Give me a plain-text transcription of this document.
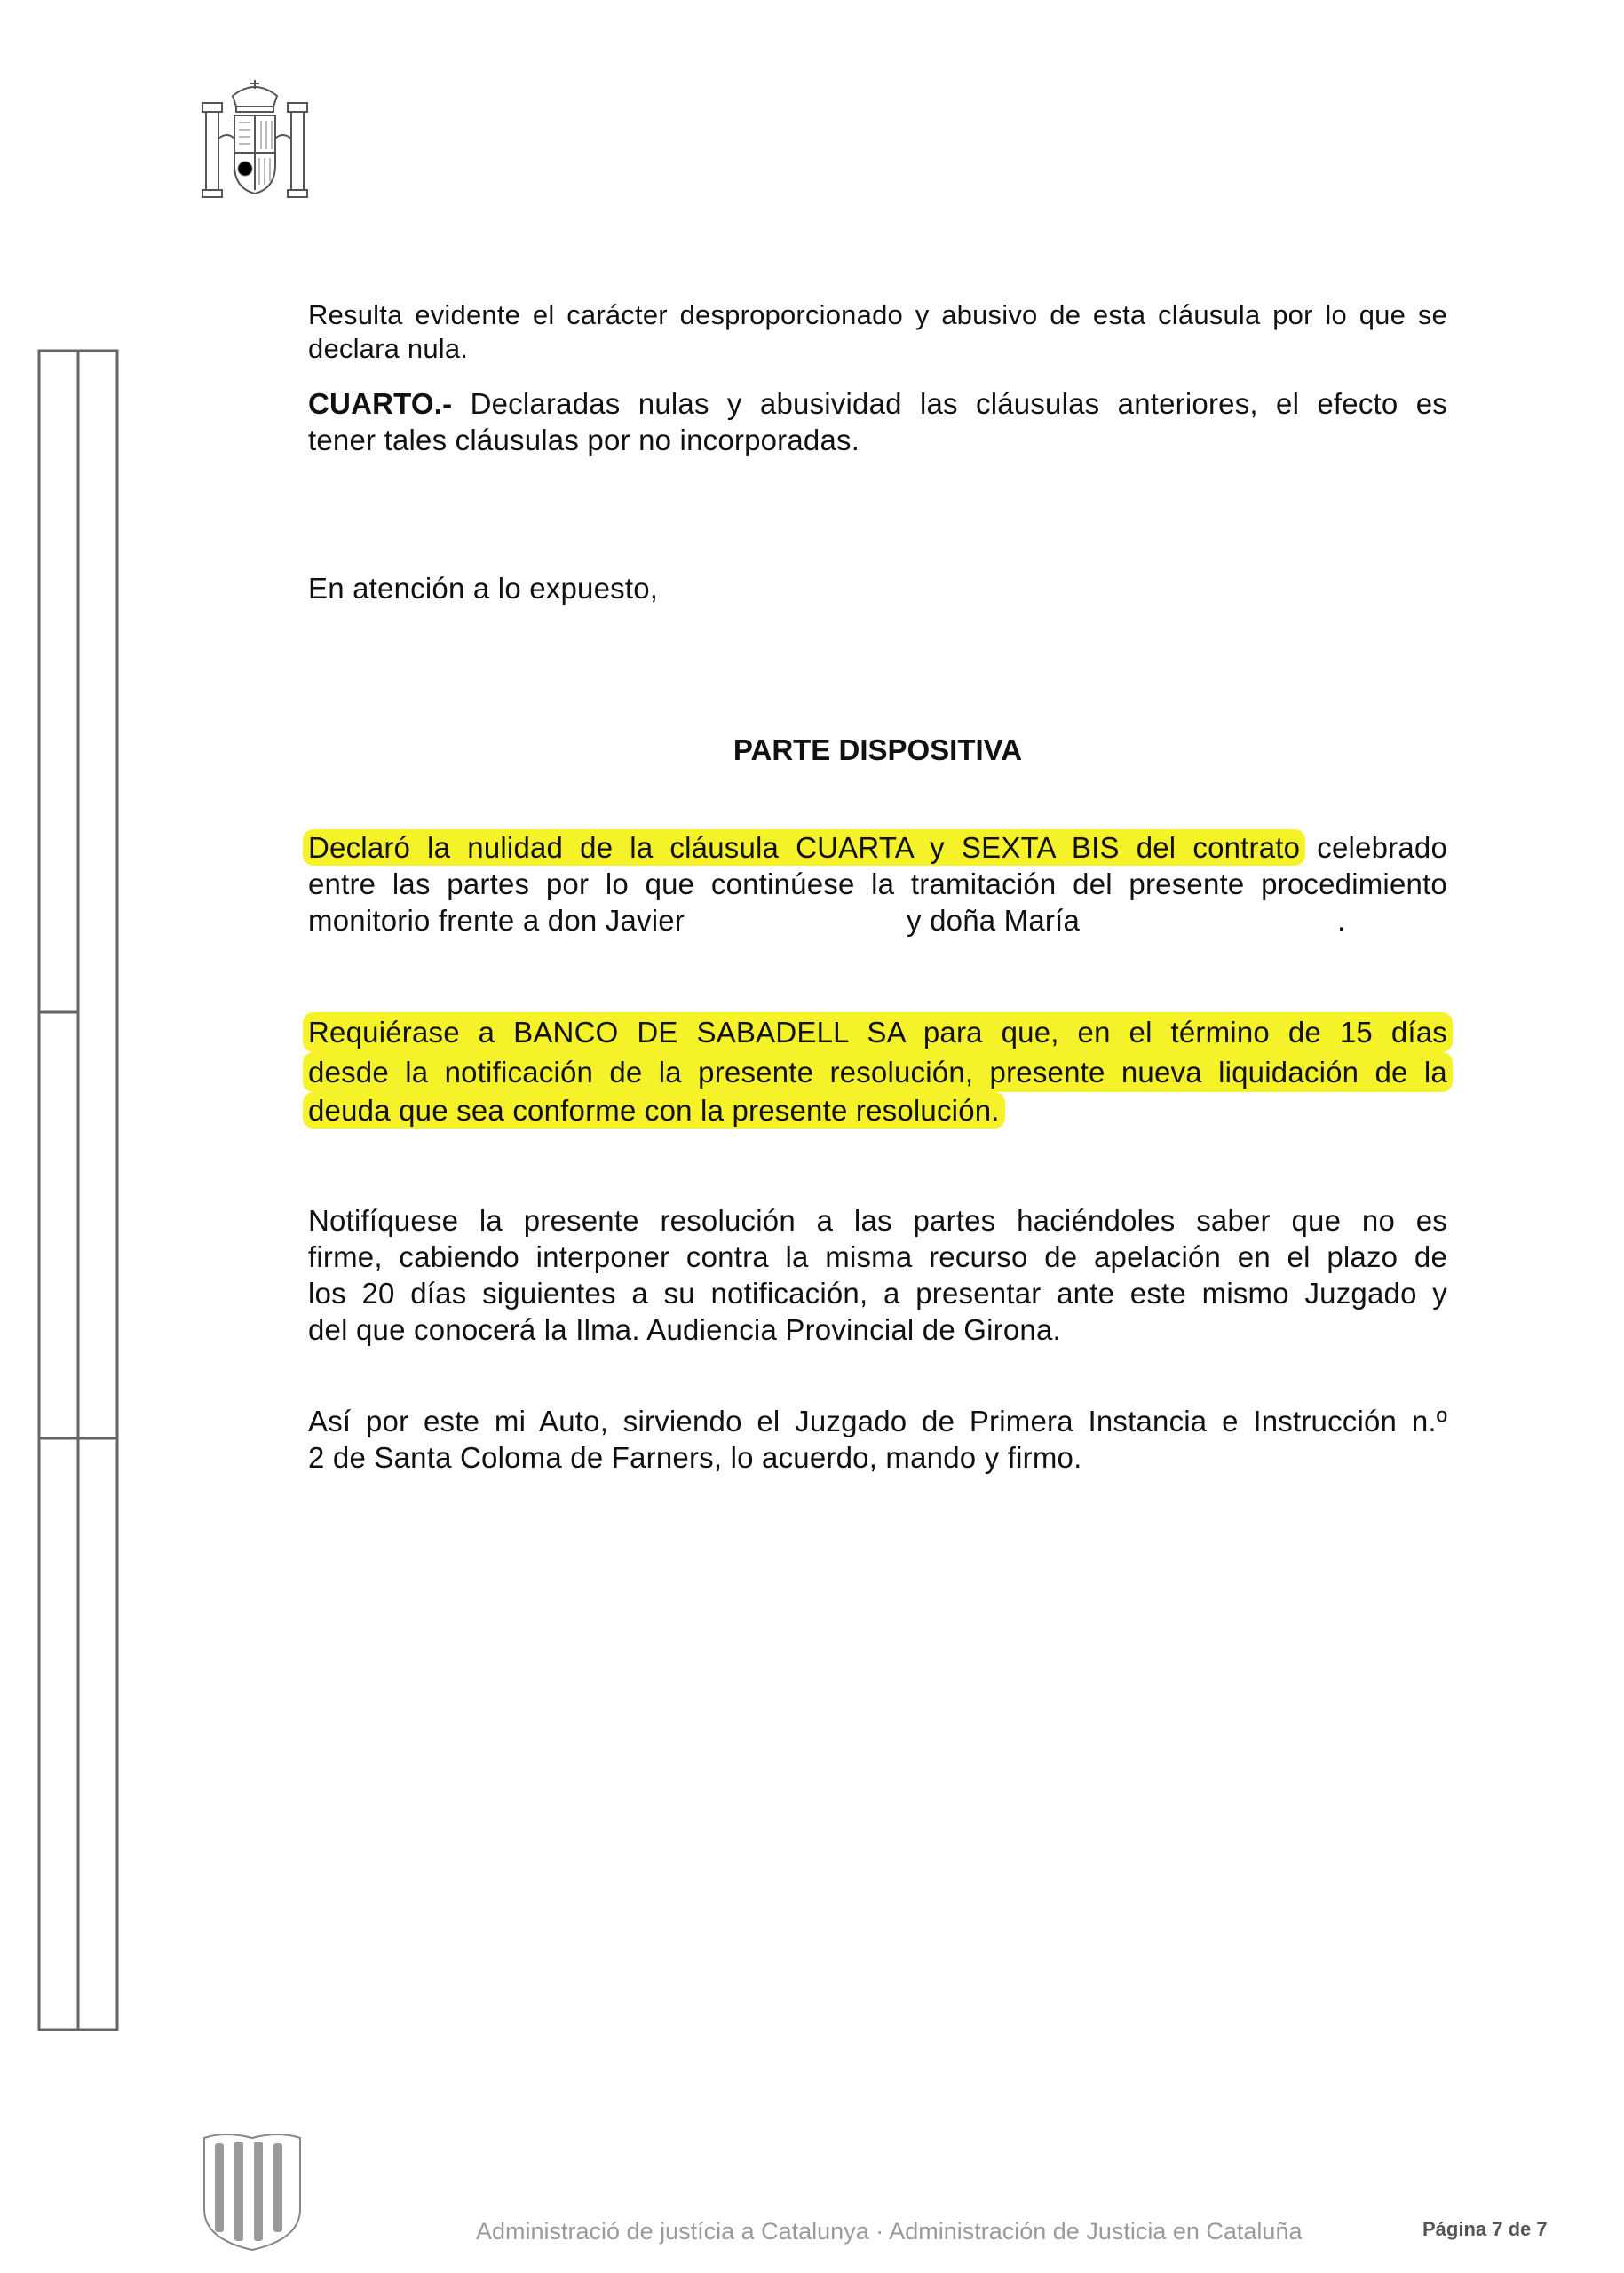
Resulta evidente el carácter desproporcionado y abusivo de esta cláusula por lo que se
declara nula.
CUARTO.- Declaradas nulas y abusividad las cláusulas anteriores, el efecto es
tener tales cláusulas por no incorporadas.
En atención a lo expuesto,
PARTE DISPOSITIVA
Declaró la nulidad de la cláusula CUARTA y SEXTA BIS del contrato celebrado
entre las partes por lo que continúese la tramitación del presente procedimiento
monitorio frente a don Javier	y doña María	.
Requiérase a BANCO DE SABADELL SA para que, en el término de 15 días
desde la notificación de la presente resolución, presente nueva liquidación de la
deuda que sea conforme con la presente resolución.
Notifíquese la presente resolución a las partes haciéndoles saber que no es
firme, cabiendo interponer contra la misma recurso de apelación en el plazo de
los 20 días siguientes a su notificación, a presentar ante este mismo Juzgado y
del que conocerá la Ilma. Audiencia Provincial de Girona.
Así por este mi Auto, sirviendo el Juzgado de Primera Instancia e Instrucción n.º
2 de Santa Coloma de Farners, lo acuerdo, mando y firmo.
Administració de justícia a Catalunya · Administración de Justicia en Cataluña	Página 7 de 7
